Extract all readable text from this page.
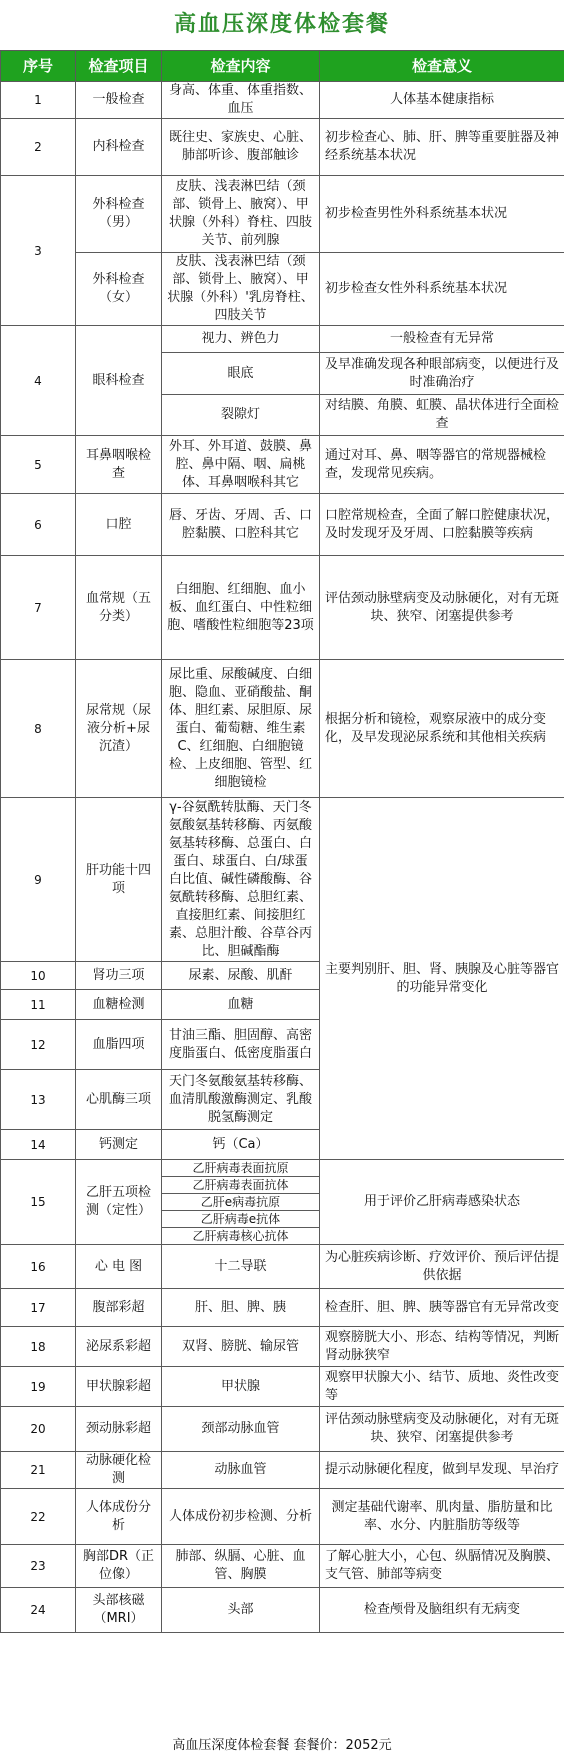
高血压深度体检套餐
序号	检查项目	检查内容	检查意义
1	一般检查	身高、体重、体重指数、血压	人体基本健康指标
2	内科检查	既往史、家族史、心脏、肺部听诊、腹部触诊	初步检查心、肺、肝、脾等重要脏器及神经系统基本状况
3	外科检查（男）	皮肤、浅表淋巴结（颈部、锁骨上、腋窝）、甲状腺（外科）脊柱、四肢关节、前列腺	初步检查男性外科系统基本状况
	外科检查（女）	皮肤、浅表淋巴结（颈部、锁骨上、腋窝）、甲状腺（外科）'乳房脊柱、四肢关节	初步检查女性外科系统基本状况
4	眼科检查	视力、辨色力	一般检查有无异常
		眼底	及早准确发现各种眼部病变，以便进行及时准确治疗
		裂隙灯	对结膜、角膜、虹膜、晶状体进行全面检查
5	耳鼻咽喉检查	外耳、外耳道、鼓膜、鼻腔、鼻中隔、咽、扁桃体、耳鼻咽喉科其它	通过对耳、鼻、咽等器官的常规器械检查，发现常见疾病。
6	口腔	唇、牙齿、牙周、舌、口腔黏膜、口腔科其它	口腔常规检查，全面了解口腔健康状况，及时发现牙及牙周、口腔黏膜等疾病
7	血常规（五分类）	白细胞、红细胞、血小板、血红蛋白、中性粒细胞、嗜酸性粒细胞等23项	评估颈动脉壁病变及动脉硬化，对有无斑块、狭窄、闭塞提供参考
8	尿常规（尿液分析+尿沉渣）	尿比重、尿酸碱度、白细胞、隐血、亚硝酸盐、酮体、胆红素、尿胆原、尿蛋白、葡萄糖、维生素C、红细胞、白细胞镜检、上皮细胞、管型、红细胞镜检	根据分析和镜检，观察尿液中的成分变化，及早发现泌尿系统和其他相关疾病
9	肝功能十四项	γ-谷氨酰转肽酶、天门冬氨酸氨基转移酶、丙氨酸氨基转移酶、总蛋白、白蛋白、球蛋白、白/球蛋白比值、碱性磷酸酶、谷氨酰转移酶、总胆红素、直接胆红素、间接胆红素、总胆汁酸、谷草谷丙比、胆碱酯酶	主要判别肝、胆、肾、胰腺及心脏等器官的功能异常变化
10	肾功三项	尿素、尿酸、肌酐	
11	血糖检测	血糖	
12	血脂四项	甘油三酯、胆固醇、高密度脂蛋白、低密度脂蛋白	
13	心肌酶三项	天门冬氨酸氨基转移酶、血清肌酸激酶测定、乳酸脱氢酶测定	
14	钙测定	钙（Ca）	
15	乙肝五项检测（定性）	乙肝病毒表面抗原	用于评价乙肝病毒感染状态
		乙肝病毒表面抗体	
		乙肝e病毒抗原	
		乙肝病毒e抗体	
		乙肝病毒核心抗体	
16	心 电 图	十二导联	为心脏疾病诊断、疗效评价、预后评估提供依据
17	腹部彩超	肝、胆、脾、胰	检查肝、胆、脾、胰等器官有无异常改变
18	泌尿系彩超	双肾、膀胱、输尿管	观察膀胱大小、形态、结构等情况，判断肾动脉狭窄
19	甲状腺彩超	甲状腺	观察甲状腺大小、结节、质地、炎性改变等
20	颈动脉彩超	颈部动脉血管	评估颈动脉壁病变及动脉硬化，对有无斑块、狭窄、闭塞提供参考
21	动脉硬化检测	动脉血管	提示动脉硬化程度，做到早发现、早治疗
22	人体成份分析	人体成份初步检测、分析	测定基础代谢率、肌肉量、脂肪量和比率、水分、内脏脂肪等级等
23	胸部DR（正位像）	肺部、纵膈、心脏、血管、胸膜	了解心脏大小，心包、纵膈情况及胸膜、支气管、肺部等病变
24	头部核磁（MRI）	头部	检查颅骨及脑组织有无病变
高血压深度体检套餐 套餐价：2052元
